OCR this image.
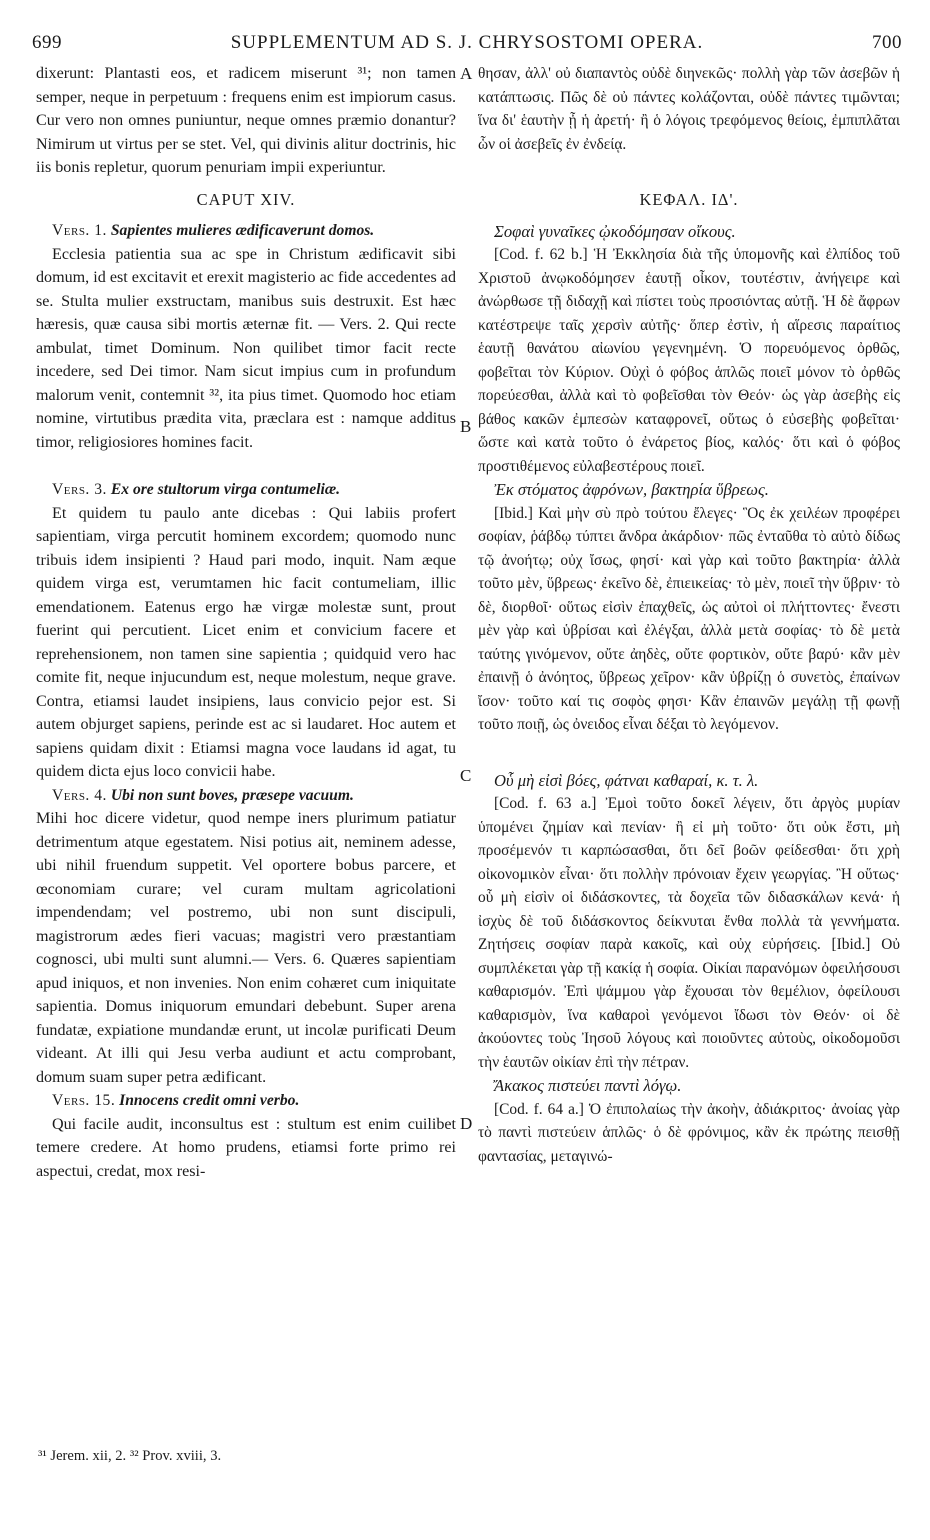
699	SUPPLEMENTUM AD S. J. CHRYSOSTOMI OPERA.	700
A
B
C
D

dixerunt: Plantasti eos, et radicem miserunt ³¹; non tamen semper, neque in perpetuum : frequens enim est impiorum casus. Cur vero non omnes puniuntur, neque omnes præmio donantur? Nimirum ut virtus per se stet. Vel, qui divinis alitur doctrinis, hic iis bonis repletur, quorum penuriam impii experiuntur.

CAPUT XIV.

Vers. 1. Sapientes mulieres ædificaverunt domos.

Ecclesia patientia sua ac spe in Christum ædificavit sibi domum, id est excitavit et erexit magisterio ac fide accedentes ad se. Stulta mulier exstructam, manibus suis destruxit. Est hæc hæresis, quæ causa sibi mortis æternæ fit. — Vers. 2. Qui recte ambulat, timet Dominum. Non quilibet timor facit recte incedere, sed Dei timor. Nam sicut impius cum in profundum malorum venit, contemnit ³², ita pius timet. Quomodo hoc etiam nomine, virtutibus prædita vita, præclara est : namque additus timor, religiosiores homines facit.

Vers. 3. Ex ore stultorum virga contumeliæ.

Et quidem tu paulo ante dicebas : Qui labiis profert sapientiam, virga percutit hominem excordem; quomodo nunc tribuis idem insipienti ? Haud pari modo, inquit. Nam æque quidem virga est, verumtamen hic facit contumeliam, illic emendationem. Eatenus ergo hæ virgæ molestæ sunt, prout fuerint qui percutient. Licet enim et convicium facere et reprehensionem, non tamen sine sapientia ; quidquid vero hac comite fit, neque injucundum est, neque molestum, neque grave. Contra, etiamsi laudet insipiens, laus convicio pejor est. Si autem objurget sapiens, perinde est ac si laudaret. Hoc autem et sapiens quidam dixit : Etiamsi magna voce laudans id agat, tu quidem dicta ejus loco convicii habe.

Vers. 4. Ubi non sunt boves, præsepe vacuum.

Mihi hoc dicere videtur, quod nempe iners plurimum patiatur detrimentum atque egestatem. Nisi potius ait, neminem adesse, ubi nihil fruendum suppetit. Vel oportere bobus parcere, et œconomiam curare; vel curam multam agricolationi impendendam; vel postremo, ubi non sunt discipuli, magistrorum ædes fieri vacuas; magistri vero præstantiam cognosci, ubi multi sunt alumni.— Vers. 6. Quæres sapientiam apud iniquos, et non invenies. Non enim cohæret cum iniquitate sapientia. Domus iniquorum emundari debebunt. Super arena fundatæ, expiatione mundandæ erunt, ut incolæ purificati Deum videant. At illi qui Jesu verba audiunt et actu comprobant, domum suam super petra ædificant.

Vers. 15. Innocens credit omni verbo.

Qui facile audit, inconsultus est : stultum est enim cuilibet temere credere. At homo prudens, etiamsi forte primo rei aspectui, credat, mox resi-

θησαν, ἀλλ' οὐ διαπαντὸς οὐδὲ διηνεκῶς· πολλὴ γὰρ τῶν ἀσεβῶν ἡ κατάπτωσις. Πῶς δὲ οὐ πάντες κολάζονται, οὐδὲ πάντες τιμῶνται; ἵνα δι' ἑαυτὴν ᾖ ἡ ἀρετή· ἢ ὁ λόγοις τρεφόμενος θείοις, ἐμπιπλᾶται ὧν οἱ ἀσεβεῖς ἐν ἐνδείᾳ.

ΚΕΦΑΛ. ΙΔ'.

Σοφαὶ γυναῖκες ᾠκοδόμησαν οἴκους.

[Cod. f. 62 b.] Ἡ Ἐκκλησία διὰ τῆς ὑπομονῆς καὶ ἐλπίδος τοῦ Χριστοῦ ἀνῳκοδόμησεν ἑαυτῇ οἶκον, τουτέστιν, ἀνήγειρε καὶ ἀνώρθωσε τῇ διδαχῇ καὶ πίστει τοὺς προσιόντας αὐτῇ. Ἡ δὲ ἄφρων κατέστρεψε ταῖς χερσὶν αὐτῆς· ὅπερ ἐστὶν, ἡ αἵρεσις παραίτιος ἑαυτῇ θανάτου αἰωνίου γεγενημένη. Ὁ πορευόμενος ὀρθῶς, φοβεῖται τὸν Κύριον. Οὐχὶ ὁ φόβος ἁπλῶς ποιεῖ μόνον τὸ ὀρθῶς πορεύεσθαι, ἀλλὰ καὶ τὸ φοβεῖσθαι τὸν Θεόν· ὡς γὰρ ἀσεβὴς εἰς βάθος κακῶν ἐμπεσὼν καταφρονεῖ, οὕτως ὁ εὐσεβὴς φοβεῖται· ὥστε καὶ κατὰ τοῦτο ὁ ἐνάρετος βίος, καλός· ὅτι καὶ ὁ φόβος προστιθέμενος εὐλαβεστέρους ποιεῖ.

Ἐκ στόματος ἀφρόνων, βακτηρία ὕβρεως.

[Ibid.] Καὶ μὴν σὺ πρὸ τούτου ἔλεγες· Ὃς ἐκ χειλέων προφέρει σοφίαν, ῥάβδῳ τύπτει ἄνδρα ἀκάρδιον· πῶς ἐνταῦθα τὸ αὐτὸ δίδως τῷ ἀνοήτῳ; οὐχ ἴσως, φησί· καὶ γὰρ καὶ τοῦτο βακτηρία· ἀλλὰ τοῦτο μὲν, ὕβρεως· ἐκεῖνο δὲ, ἐπιεικείας· τὸ μὲν, ποιεῖ τὴν ὕβριν· τὸ δὲ, διορθοῖ· οὕτως εἰσὶν ἐπαχθεῖς, ὡς αὐτοὶ οἱ πλήττοντες· ἔνεστι μὲν γὰρ καὶ ὑβρίσαι καὶ ἐλέγξαι, ἀλλὰ μετὰ σοφίας· τὸ δὲ μετὰ ταύτης γινόμενον, οὔτε ἀηδὲς, οὔτε φορτικὸν, οὔτε βαρύ· κἂν μὲν ἐπαινῇ ὁ ἀνόητος, ὕβρεως χεῖρον· κἂν ὑβρίζῃ ὁ συνετὸς, ἐπαίνων ἴσον· τοῦτο καί τις σοφὸς φησι· Κἂν ἐπαινῶν μεγάλῃ τῇ φωνῇ τοῦτο ποιῇ, ὡς ὀνειδος εἶναι δέξαι τὸ λεγόμενον.

Οὗ μὴ εἰσὶ βόες, φάτναι καθαραί, κ. τ. λ.

[Cod. f. 63 a.] Ἐμοὶ τοῦτο δοκεῖ λέγειν, ὅτι ἀργὸς μυρίαν ὑπομένει ζημίαν καὶ πενίαν· ἢ εἰ μὴ τοῦτο· ὅτι οὐκ ἔστι, μὴ προσέμενόν τι καρπώσασθαι, ὅτι δεῖ βοῶν φείδεσθαι· ὅτι χρὴ οἰκονομικὸν εἶναι· ὅτι πολλὴν πρόνοιαν ἔχειν γεωργίας. Ἢ οὕτως· οὗ μὴ εἰσὶν οἱ διδάσκοντες, τὰ δοχεῖα τῶν διδασκάλων κενά· ἡ ἰσχὺς δὲ τοῦ διδάσκοντος δείκνυται ἔνθα πολλὰ τὰ γεννήματα. Ζητήσεις σοφίαν παρὰ κακοῖς, καὶ οὐχ εὑρήσεις. [Ibid.] Οὐ συμπλέκεται γὰρ τῇ κακίᾳ ἡ σοφία. Οἰκίαι παρανόμων ὀφειλήσουσι καθαρισμόν. Ἐπὶ ψάμμου γὰρ ἔχουσαι τὸν θεμέλιον, ὀφείλουσι καθαρισμὸν, ἵνα καθαροὶ γενόμενοι ἴδωσι τὸν Θεόν· οἱ δὲ ἀκούοντες τοὺς Ἰησοῦ λόγους καὶ ποιοῦντες αὐτοὺς, οἰκοδομοῦσι τὴν ἑαυτῶν οἰκίαν ἐπὶ τὴν πέτραν.

Ἄκακος πιστεύει παντὶ λόγῳ.

[Cod. f. 64 a.] Ὁ ἐπιπολαίως τὴν ἀκοὴν, ἀδιάκριτος· ἀνοίας γὰρ τὸ παντὶ πιστεύειν ἁπλῶς· ὁ δὲ φρόνιμος, κἂν ἐκ πρώτης πεισθῇ φαντασίας, μεταγινώ-

³¹ Jerem. xii, 2. ³² Prov. xviii, 3.
